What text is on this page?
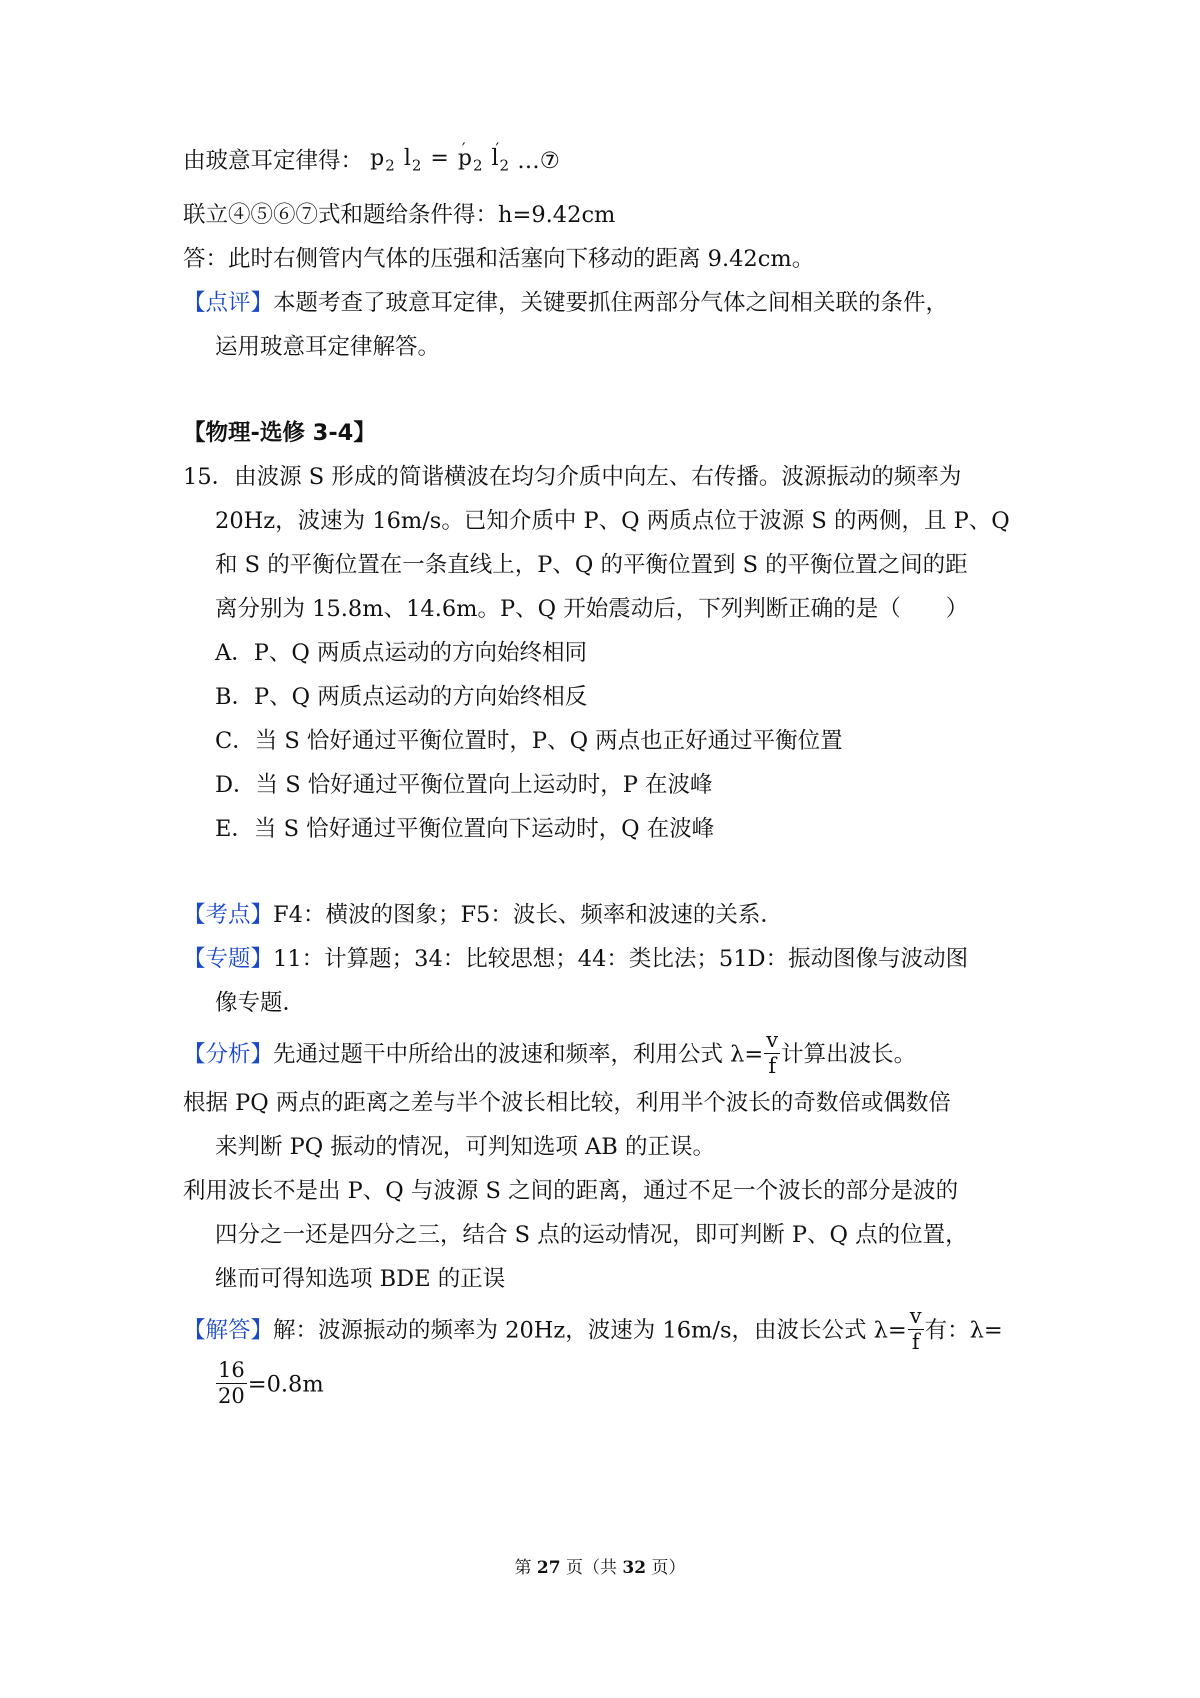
由玻意耳定律得： $p_2$ $l_2$ = ′ $p_2$ ′ $l_2$ …⑦
联立④⑤⑥⑦式和题给条件得：h=9.42cm
答：此时右侧管内气体的压强和活塞向下移动的距离 9.42cm。
【点评】本题考查了玻意耳定律，关键要抓住两部分气体之间相关联的条件，
运用玻意耳定律解答。
【物理-选修 3-4】
15．由波源 S 形成的简谐横波在均匀介质中向左、右传播。波源振动的频率为
20Hz，波速为 16m/s。已知介质中 P、Q 两质点位于波源 S 的两侧，且 P、Q
和 S 的平衡位置在一条直线上，P、Q 的平衡位置到 S 的平衡位置之间的距
离分别为 15.8m、14.6m。P、Q 开始震动后，下列判断正确的是（　　）
A．P、Q 两质点运动的方向始终相同
B．P、Q 两质点运动的方向始终相反
C．当 S 恰好通过平衡位置时，P、Q 两点也正好通过平衡位置
D．当 S 恰好通过平衡位置向上运动时，P 在波峰
E．当 S 恰好通过平衡位置向下运动时，Q 在波峰
【考点】F4：横波的图象；F5：波长、频率和波速的关系．
【专题】11：计算题；34：比较思想；44：类比法；51D：振动图像与波动图
像专题．
【分析】先通过题干中所给出的波速和频率，利用公式 $\lambda= \frac{v}{f}$ 计算出波长。
根据 PQ 两点的距离之差与半个波长相比较，利用半个波长的奇数倍或偶数倍
来判断 PQ 振动的情况，可判知选项 AB 的正误。
利用波长不是出 P、Q 与波源 S 之间的距离，通过不足一个波长的部分是波的
四分之一还是四分之三，结合 S 点的运动情况，即可判断 P、Q 点的位置，
继而可得知选项 BDE 的正误
【解答】解：波源振动的频率为 20Hz，波速为 16m/s，由波长公式 $\lambda= \frac{v}{f}$ 有：λ=
$\frac{16}{20} =0.8m$
第 27 页（共 32 页）
